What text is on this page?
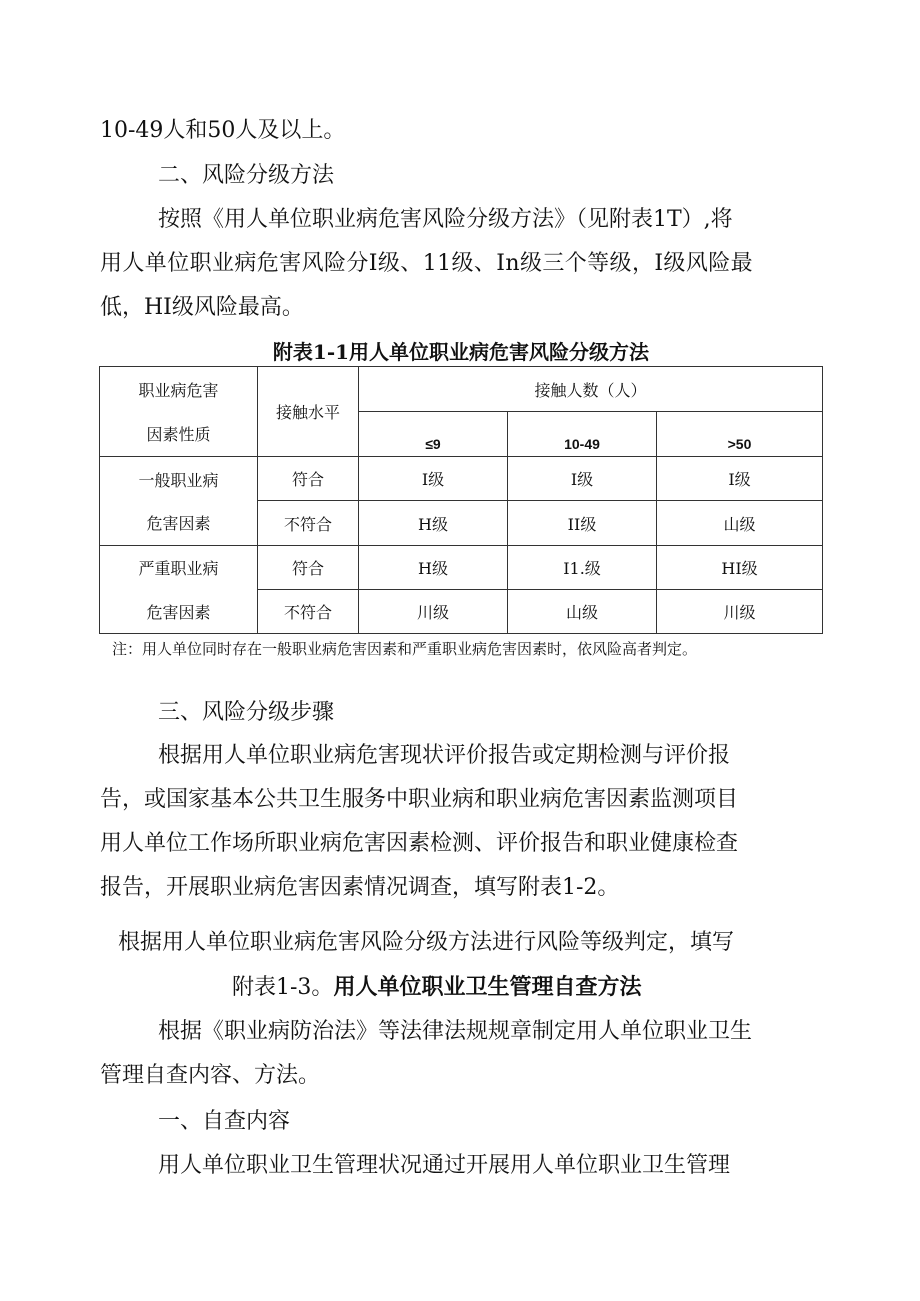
10-49人和50人及以上。
二、风险分级方法
按照《用人单位职业病危害风险分级方法》（见附表1T）,将
用人单位职业病危害风险分I级、11级、In级三个等级，I级风险最
低，HI级风险最高。
附表1-1用人单位职业病危害风险分级方法
职业病危害
因素性质	接触水平	接触人数（人）		
		≤9	10-49	>50

一般职业病
危害因素	符合	I级	I级	I级
	不符合	H级	II级	山级

严重职业病
危害因素	符合	H级	I1.级	HI级
	不符合	川级	山级	川级
注：用人单位同时存在一般职业病危害因素和严重职业病危害因素时，依风险高者判定。
三、风险分级步骤
根据用人单位职业病危害现状评价报告或定期检测与评价报
告，或国家基本公共卫生服务中职业病和职业病危害因素监测项目
用人单位工作场所职业病危害因素检测、评价报告和职业健康检查
报告，开展职业病危害因素情况调查，填写附表1-2。
根据用人单位职业病危害风险分级方法进行风险等级判定，填写
附表1-3。用人单位职业卫生管理自查方法
根据《职业病防治法》等法律法规规章制定用人单位职业卫生
管理自查内容、方法。
一、自查内容
用人单位职业卫生管理状况通过开展用人单位职业卫生管理
